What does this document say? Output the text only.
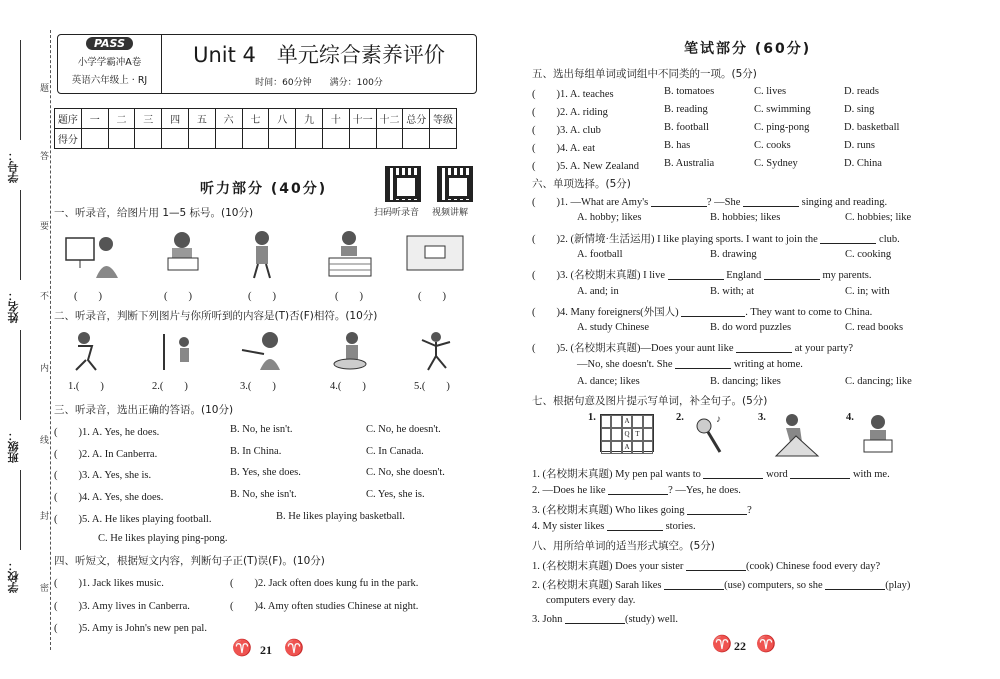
学号：
姓名：
班级：
学校：
题
答
要
不
内
线
封
密
PASS
小学学霸冲A卷
英语六年级上 · RJ
Unit 4　单元综合素养评价
时间：60分钟　　满分：100分
题序	一	二	三	四	五	六	七	八	九	十	十一	十二	总分	等级
得分														
听力部分 (40分)
扫码听录音 视频讲解
一、听录音，给图片用 1—5 标号。(10分)
(　　)	(　　)	(　　)	(　　)	(　　)
二、听录音，判断下列图片与你所听到的内容是(T)否(F)相符。(10分)
1.(　　)	2.(　　)	3.(　　)	4.(　　)	5.(　　)
三、听录音，选出正确的答语。(10分)
(　　)1. A. Yes, he does.	B. No, he isn't.	C. No, he doesn't.
(　　)2. A. In Canberra.	B. In China.	C. In Canada.
(　　)3. A. Yes, she is.	B. Yes, she does.	C. No, she doesn't.
(　　)4. A. Yes, she does.	B. No, she isn't.	C. Yes, she is.
(　　)5. A. He likes playing football.	B. He likes playing basketball.
C. He likes playing ping-pong.
四、听短文，根据短文内容，判断句子正(T)误(F)。(10分)
(　　)1. Jack likes music.	(　　)2. Jack often does kung fu in the park.
(　　)3. Amy lives in Canberra.	(　　)4. Amy often studies Chinese at night.
(　　)5. Amy is John's new pen pal.
♈ 21 ♈
笔试部分 (60分)
五、选出每组单词或词组中不同类的一项。(5分)
(　　)1. A. teaches	B. tomatoes	C. lives	D. reads
(　　)2. A. riding	B. reading	C. swimming	D. sing
(　　)3. A. club	B. football	C. ping-pong	D. basketball
(　　)4. A. eat	B. has	C. cooks	D. runs
(　　)5. A. New Zealand B. Australia	C. Sydney	D. China
六、单项选择。(5分)
(　　)1. —What are Amy's	? —She	singing and reading.
A. hobby; likes	B. hobbies; likes	C. hobbies; like
(　　)2. (新情境·生活运用) I like playing sports. I want to join the	club.
A. football	B. drawing	C. cooking
(　　)3. (名校期末真题) I live	England	my parents.
A. and; in	B. with; at	C. in; with
(　　)4. Many foreigners(外国人)	. They want to come to China.
A. study Chinese	B. do word puzzles	C. read books
(　　)5. (名校期末真题)—Does your aunt like	at your party?
—No, she doesn't. She	writing at home.
A. dance; likes	B. dancing; likes	C. dancing; like
七、根据句意及图片提示写单词，补全句子。(5分)
1.	A
Q T
A
2.	♪	3.	4.
1. (名校期末真题) My pen pal wants to	word	with me.
2. —Does he like	? —Yes, he does.
3. (名校期末真题) Who likes going	?
4. My sister likes	stories.
八、用所给单词的适当形式填空。(5分)
1. (名校期末真题) Does your sister	(cook) Chinese food every day?
2. (名校期末真题) Sarah likes	(use) computers, so she	(play)
computers every day.
3. John	(study) well.
♈ 22 ♈
